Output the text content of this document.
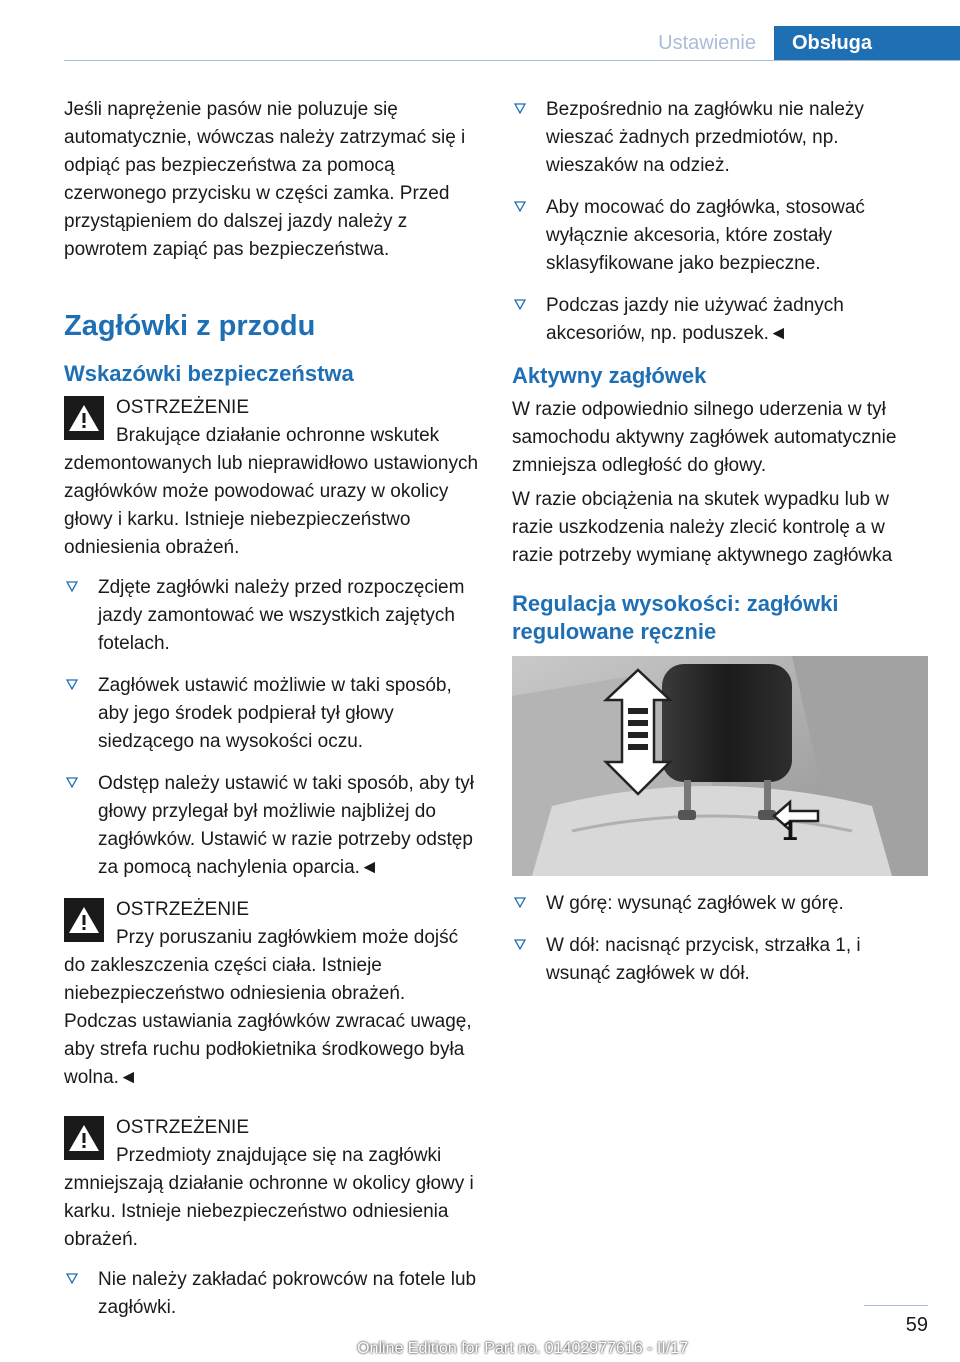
Ustawienie	Obsługa

Jeśli naprężenie pasów nie poluzuje się automatycznie, wówczas należy zatrzymać się i odpiąć pas bezpieczeństwa za pomocą czerwonego przycisku w części zamka. Przed przystąpieniem do dalszej jazdy należy z powrotem zapiąć pas bezpieczeństwa.

Zagłówki z przodu
Wskazówki bezpieczeństwa
OSTRZEŻENIE
Brakujące działanie ochronne wskutek zdemontowanych lub nieprawidłowo ustawionych zagłówków może powodować urazy w okolicy głowy i karku. Istnieje niebezpieczeństwo odniesienia obrażeń.
Zdjęte zagłówki należy przed rozpoczęciem jazdy zamontować we wszystkich zajętych fotelach.
Zagłówek ustawić możliwie w taki sposób, aby jego środek podpierał tył głowy siedzącego na wysokości oczu.
Odstęp należy ustawić w taki sposób, aby tył głowy przylegał był możliwie najbliżej do zagłówków. Ustawić w razie potrzeby odstęp za pomocą nachylenia oparcia.◄
OSTRZEŻENIE
Przy poruszaniu zagłówkiem może dojść do zakleszczenia części ciała. Istnieje niebezpieczeństwo odniesienia obrażeń. Podczas ustawiania zagłówków zwracać uwagę, aby strefa ruchu podłokietnika środkowego była wolna.◄
OSTRZEŻENIE
Przedmioty znajdujące się na zagłówki zmniejszają działanie ochronne w okolicy głowy i karku. Istnieje niebezpieczeństwo odniesienia obrażeń.
Nie należy zakładać pokrowców na fotele lub zagłówki.
Bezpośrednio na zagłówku nie należy wieszać żadnych przedmiotów, np. wieszaków na odzież.
Aby mocować do zagłówka, stosować wyłącznie akcesoria, które zostały sklasyfikowane jako bezpieczne.
Podczas jazdy nie używać żadnych akcesoriów, np. poduszek.◄
Aktywny zagłówek

W razie odpowiednio silnego uderzenia w tył samochodu aktywny zagłówek automatycznie zmniejsza odległość do głowy.

W razie obciążenia na skutek wypadku lub w razie uszkodzenia należy zlecić kontrolę a w razie potrzeby wymianę aktywnego zagłówka

Regulacja wysokości: zagłówki regulowane ręcznie
1
W górę: wysunąć zagłówek w górę.
W dół: nacisnąć przycisk, strzałka 1, i wsunąć zagłówek w dół.
59
Online Edition for Part no. 01402977616 - II/17
